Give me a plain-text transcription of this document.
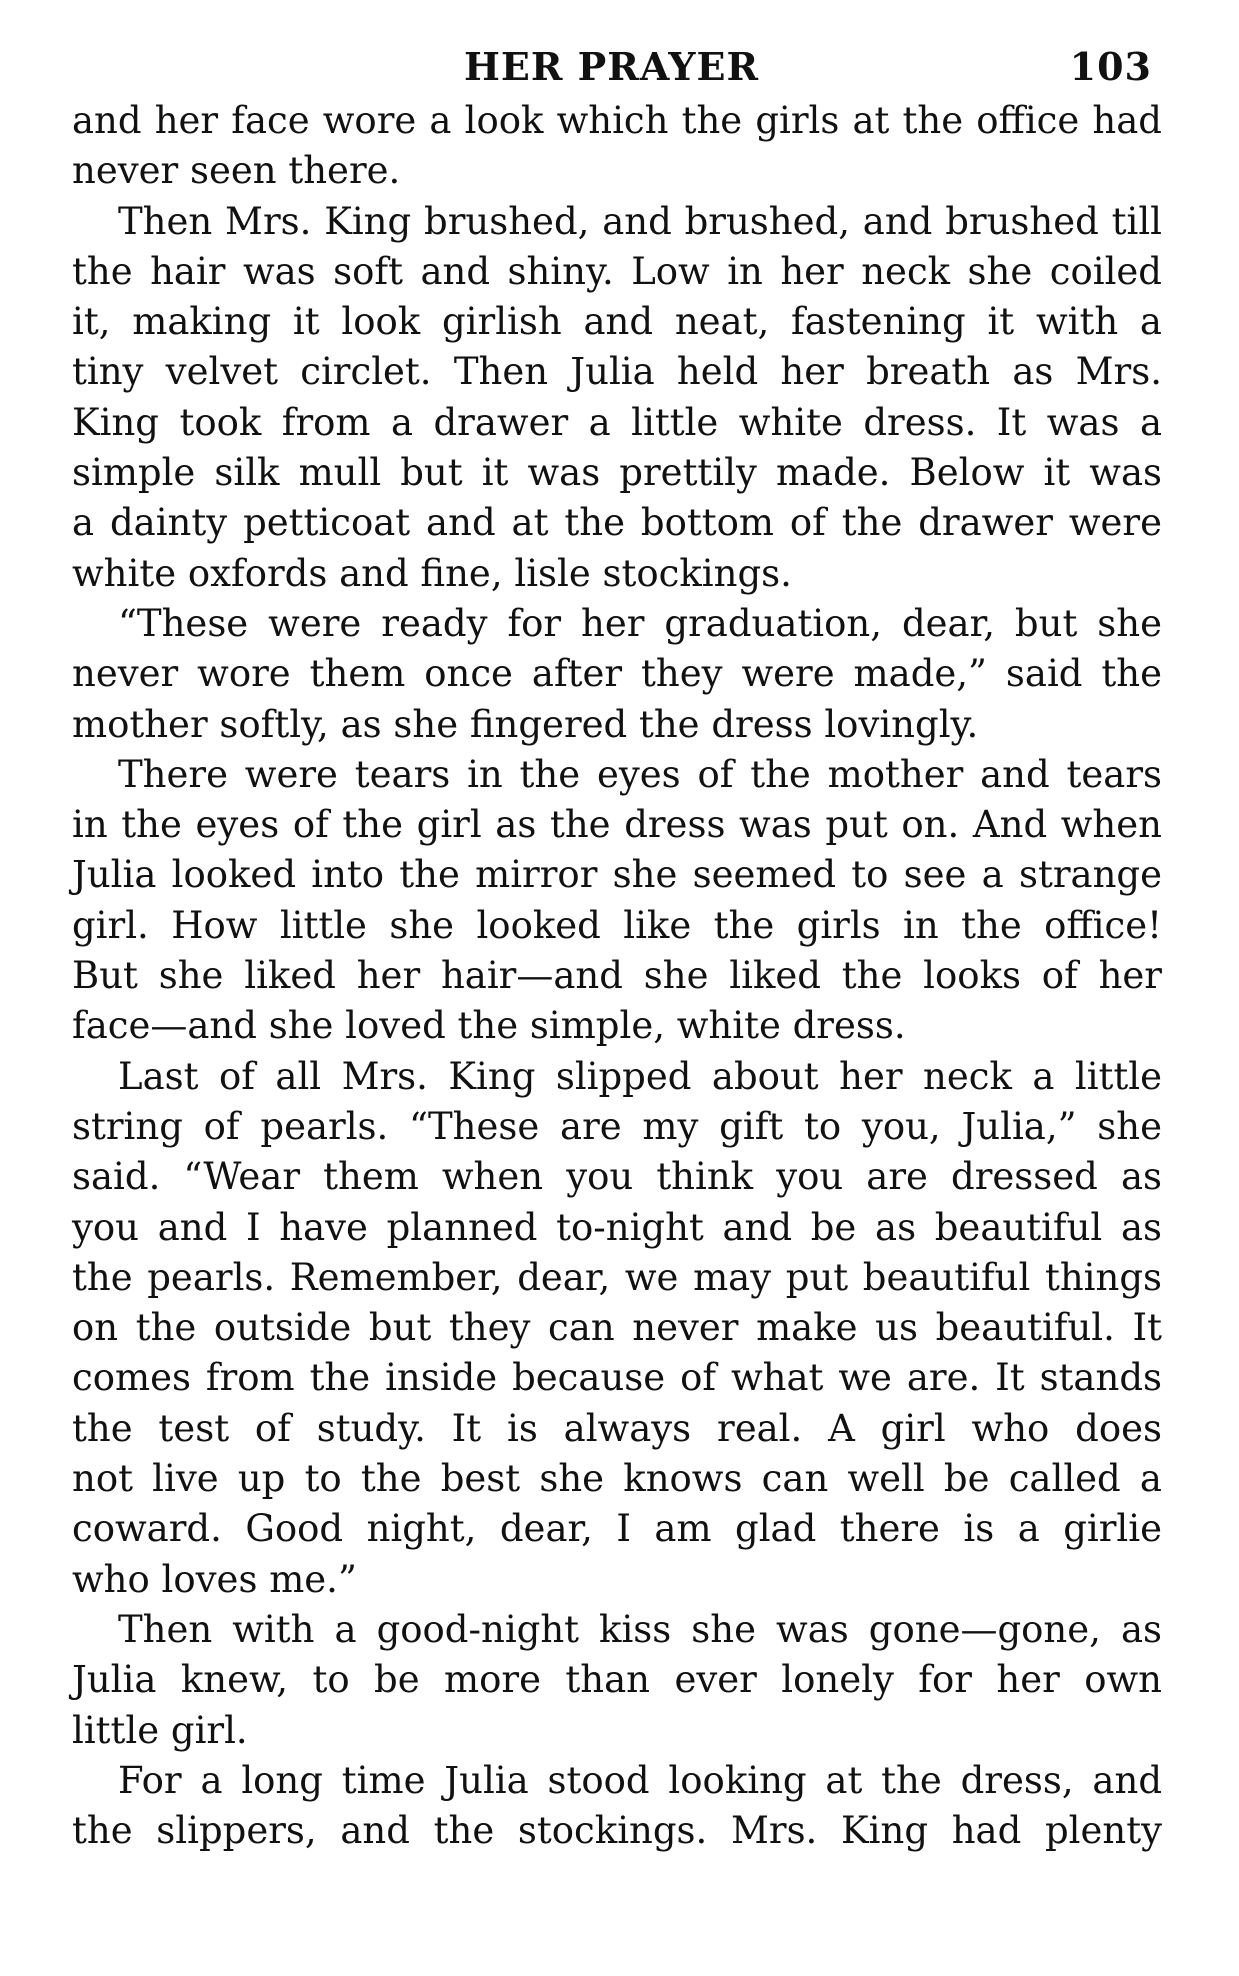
HER PRAYER	103
and her face wore a look which the girls at the office had
never seen there.
Then Mrs. King brushed, and brushed, and brushed till
the hair was soft and shiny. Low in her neck she coiled
it, making it look girlish and neat, fastening it with a
tiny velvet circlet. Then Julia held her breath as Mrs.
King took from a drawer a little white dress. It was a
simple silk mull but it was prettily made. Below it was
a dainty petticoat and at the bottom of the drawer were
white oxfords and fine, lisle stockings.
“These were ready for her graduation, dear, but she
never wore them once after they were made,” said the
mother softly, as she fingered the dress lovingly.
There were tears in the eyes of the mother and tears
in the eyes of the girl as the dress was put on. And when
Julia looked into the mirror she seemed to see a strange
girl. How little she looked like the girls in the office!
But she liked her hair—and she liked the looks of her
face—and she loved the simple, white dress.
Last of all Mrs. King slipped about her neck a little
string of pearls. “These are my gift to you, Julia,” she
said. “Wear them when you think you are dressed as
you and I have planned to-night and be as beautiful as
the pearls. Remember, dear, we may put beautiful things
on the outside but they can never make us beautiful. It
comes from the inside because of what we are. It stands
the test of study. It is always real. A girl who does
not live up to the best she knows can well be called a
coward. Good night, dear, I am glad there is a girlie
who loves me.”
Then with a good-night kiss she was gone—gone, as
Julia knew, to be more than ever lonely for her own
little girl.
For a long time Julia stood looking at the dress, and
the slippers, and the stockings. Mrs. King had plenty
